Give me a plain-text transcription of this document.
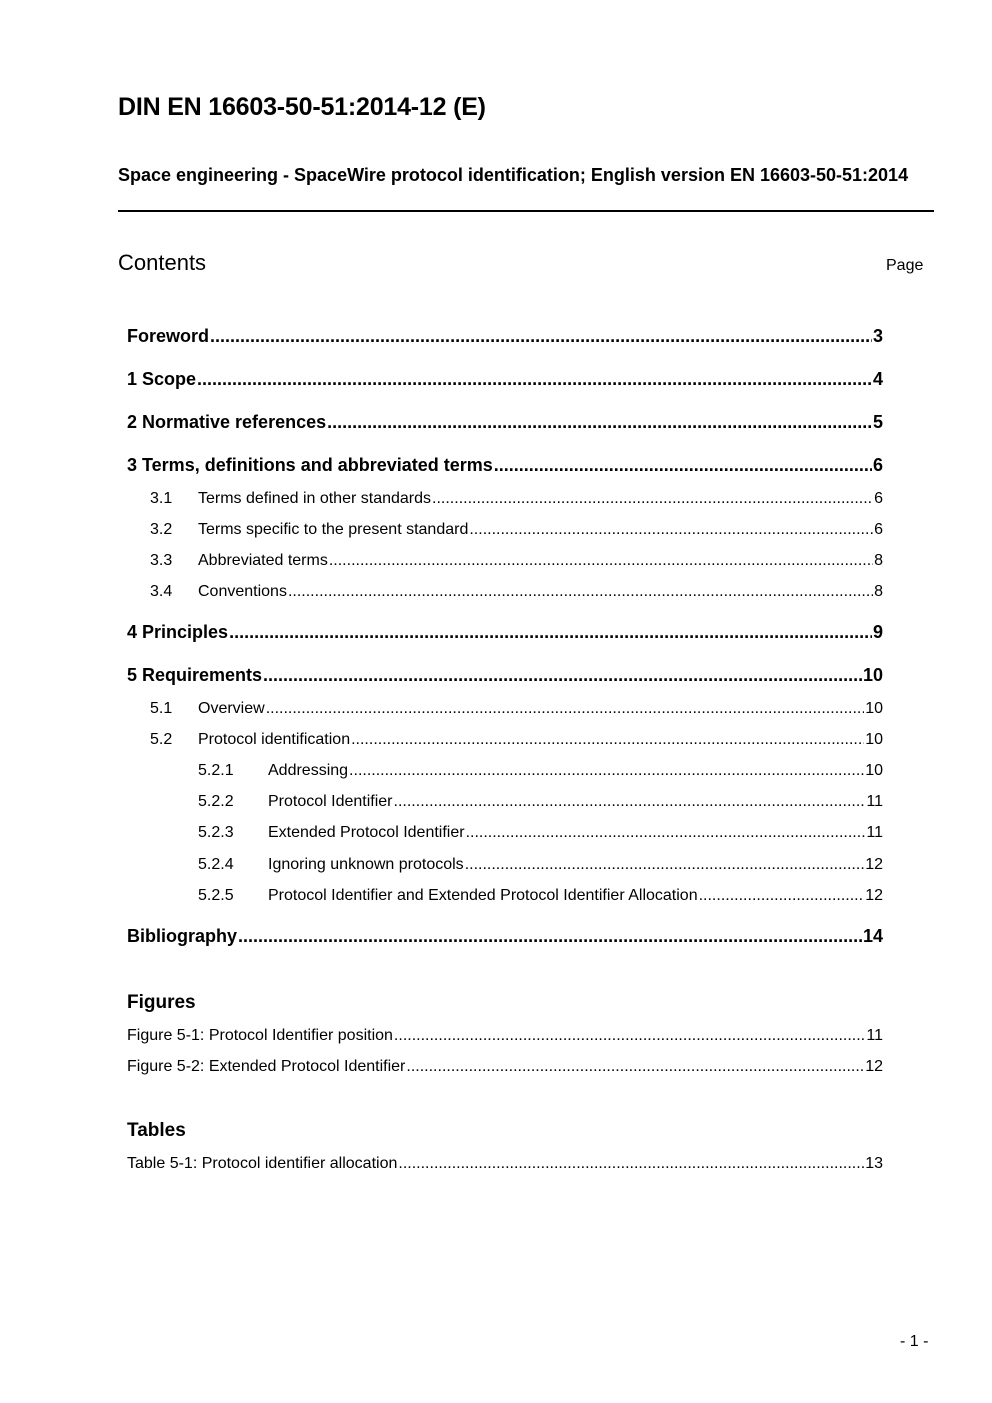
DIN EN 16603-50-51:2014-12 (E)
Space engineering - SpaceWire protocol identification; English version EN 16603-50-51:2014
Contents	Page
Foreword .....	3
1 Scope .....	4
2 Normative references .....	5
3 Terms, definitions and abbreviated terms .....	6
3.1	Terms defined in other standards .....	6
3.2	Terms specific to the present standard .....	6
3.3	Abbreviated terms .....	8
3.4	Conventions .....	8
4 Principles .....	9
5 Requirements .....	10
5.1	Overview .....	10
5.2	Protocol identification .....	10
5.2.1	Addressing .....	10
5.2.2	Protocol Identifier .....	11
5.2.3	Extended Protocol Identifier .....	11
5.2.4	Ignoring unknown protocols .....	12
5.2.5	Protocol Identifier and Extended Protocol Identifier Allocation .....	12
Bibliography .....	14
Figures
Figure 5-1: Protocol Identifier position .....	11
Figure 5-2: Extended Protocol Identifier .....	12
Tables
Table 5-1: Protocol identifier allocation .....	13
- 1 -
